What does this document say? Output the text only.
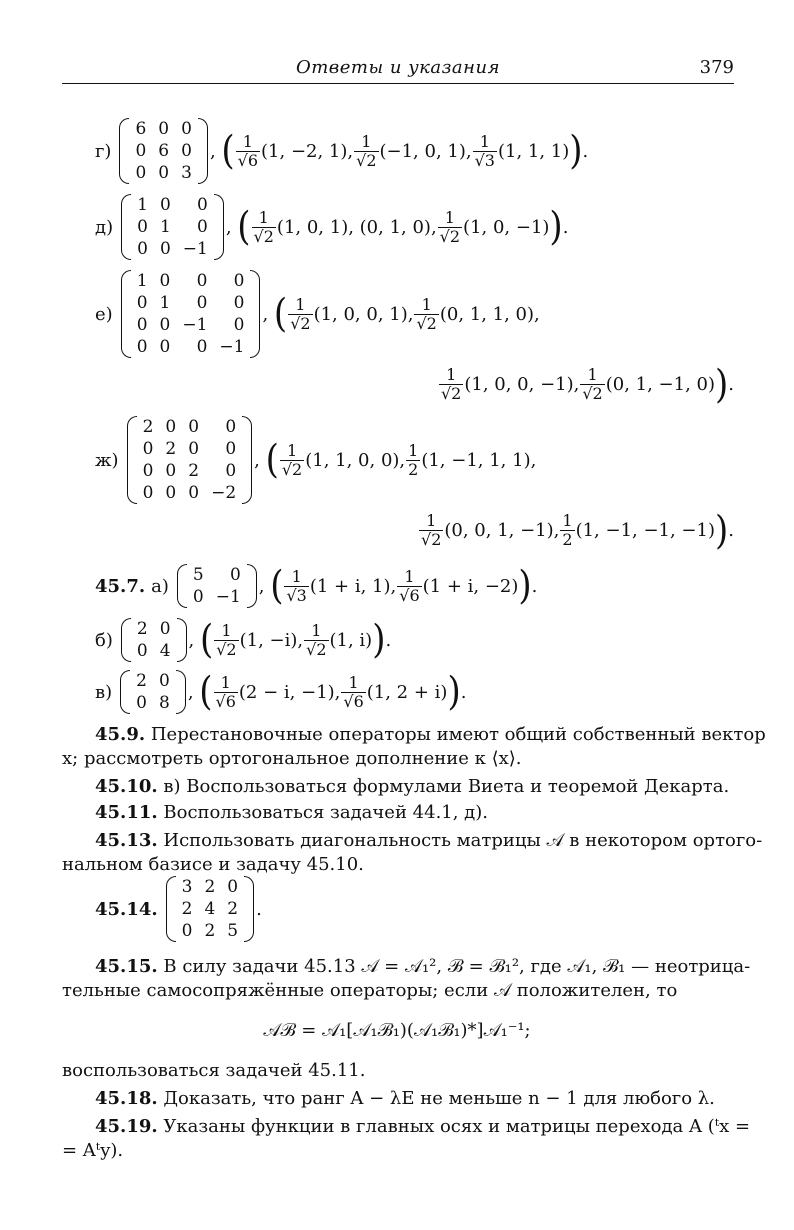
Ответы и указания	379
г)
6	0	0
0	6	0
0	0	3
, ( $\frac{1}{√6} (1$, −2, 1), $\frac{1}{√2} (-1$, 0, 1), $\frac{1}{√3} (1$, 1, 1) ) .
д)
1	0	0
0	1	0
0	0	−1
, ( $\frac{1}{√2} (1$, 0, 1), (0, 1, 0), $\frac{1}{√2} (1$, 0, −1) ) .
е)
1	0	0	0
0	1	0	0
0	0	−1	0
0	0	0	−1
, ( $\frac{1}{√2} (1$, 0, 0, 1), $\frac{1}{√2} (0$, 1, 1, 0),
$\frac{1}{√2} (1$, 0, 0, −1), $\frac{1}{√2} (0$, 1, −1, 0) ) .
ж)
2	0	0	0
0	2	0	0
0	0	2	0
0	0	0	−2
, ( $\frac{1}{√2} (1$, 1, 0, 0), $\frac{1}{2} (1$, −1, 1, 1),
$\frac{1}{√2} (0$, 0, 1, −1), $\frac{1}{2} (1$, −1, −1, −1) ) .
45.7. а)
5	0
0	−1
, ( $\frac{1}{√3} (1 + i$, 1), $\frac{1}{√6} (1 + i$, −2) ) .
б)
2	0
0	4
, ( $\frac{1}{√2} (1$, −i), $\frac{1}{√2} (1$, i) ) .
в)
2	0
0	8
, ( $\frac{1}{√6} (2 - i$, −1), $\frac{1}{√6} (1$, 2 + i) ) .
45.9. Перестановочные операторы имеют общий собственный вектор
x; рассмотреть ортогональное дополнение к ⟨x⟩.
45.10. в) Воспользоваться формулами Виета и теоремой Декарта.
45.11. Воспользоваться задачей 44.1, д).
45.13. Использовать диагональность матрицы 𝒜 в некотором ортого-
нальном базисе и задачу 45.10.
45.14.
3	2	0
2	4	2
0	2	5
.
45.15. В силу задачи 45.13 𝒜 = 𝒜₁², ℬ = ℬ₁², где 𝒜₁, ℬ₁ — неотрица-
тельные самосопряжённые операторы; если 𝒜 положителен, то
𝒜ℬ = 𝒜₁[𝒜₁ℬ₁)(𝒜₁ℬ₁)*]𝒜₁⁻¹;
воспользоваться задачей 45.11.
45.18. Доказать, что ранг A − λE не меньше n − 1 для любого λ.
45.19. Указаны функции в главных осях и матрицы перехода A (ᵗx =
= Aᵗy).
